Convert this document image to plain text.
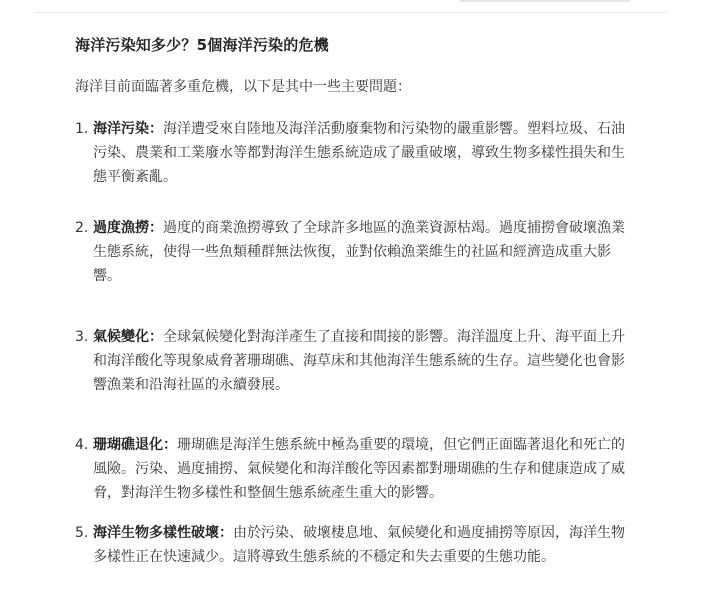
海洋污染知多少？5個海洋污染的危機

海洋目前面臨著多重危機，以下是其中一些主要問題：

1. 海洋污染：海洋遭受來自陸地及海洋活動廢棄物和污染物的嚴重影響。塑料垃圾、石油污染、農業和工業廢水等都對海洋生態系統造成了嚴重破壞，導致生物多樣性損失和生態平衡紊亂。
2. 過度漁撈：過度的商業漁撈導致了全球許多地區的漁業資源枯竭。過度捕撈會破壞漁業生態系統，使得一些魚類種群無法恢復，並對依賴漁業維生的社區和經濟造成重大影響。
3. 氣候變化：全球氣候變化對海洋產生了直接和間接的影響。海洋溫度上升、海平面上升和海洋酸化等現象威脅著珊瑚礁、海草床和其他海洋生態系統的生存。這些變化也會影響漁業和沿海社區的永續發展。
4. 珊瑚礁退化：珊瑚礁是海洋生態系統中極為重要的環境，但它們正面臨著退化和死亡的風險。污染、過度捕撈、氣候變化和海洋酸化等因素都對珊瑚礁的生存和健康造成了威脅，對海洋生物多樣性和整個生態系統產生重大的影響。
5. 海洋生物多樣性破壞：由於污染、破壞棲息地、氣候變化和過度捕撈等原因，海洋生物多樣性正在快速減少。這將導致生態系統的不穩定和失去重要的生態功能。
